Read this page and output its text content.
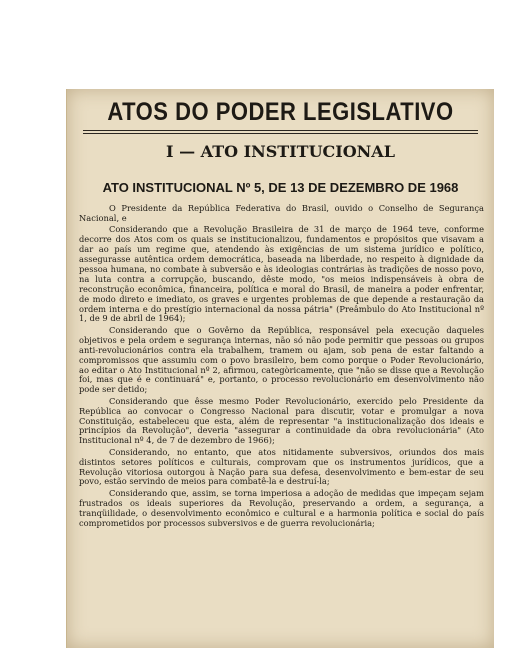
ATOS DO PODER LEGISLATIVO
I — ATO INSTITUCIONAL
ATO INSTITUCIONAL Nº 5, DE 13 DE DEZEMBRO DE 1968

O Presidente da República Federativa do Brasil, ouvido o Conselho de Segurança Nacional, e

Considerando que a Revolução Brasileira de 31 de março de 1964 teve, conforme decorre dos Atos com os quais se institucionalizou, fundamentos e propósitos que visavam a dar ao país um regime que, atendendo às exigências de um sistema jurídico e político, assegurasse autêntica ordem democrática, baseada na liberdade, no respeito à dignidade da pessoa humana, no combate à subversão e às ideologias contrárias às tradições de nosso povo, na luta contra a corrupção, buscando, dêste modo, "os meios indispensáveis à obra de reconstrução econômica, financeira, política e moral do Brasil, de maneira a poder enfrentar, de modo direto e imediato, os graves e urgentes problemas de que depende a restauração da ordem interna e do prestígio internacional da nossa pátria" (Preâmbulo do Ato Institucional nº 1, de 9 de abril de 1964);

Considerando que o Govêrno da República, responsável pela execução daqueles objetivos e pela ordem e segurança internas, não só não pode permitir que pessoas ou grupos anti-revolucionários contra ela trabalhem, tramem ou ajam, sob pena de estar faltando a compromissos que assumiu com o povo brasileiro, bem como porque o Poder Revolucionário, ao editar o Ato Institucional nº 2, afirmou, categòricamente, que "não se disse que a Revolução foi, mas que é e continuará" e, portanto, o processo revolucionário em desenvolvimento não pode ser detido;

Considerando que êsse mesmo Poder Revolucionário, exercido pelo Presidente da República ao convocar o Congresso Nacional para discutir, votar e promulgar a nova Constituição, estabeleceu que esta, além de representar "a institucionalização dos ideais e princípios da Revolução", deveria "assegurar a continuidade da obra revolucionária" (Ato Institucional nº 4, de 7 de dezembro de 1966);

Considerando, no entanto, que atos nitidamente subversivos, oriundos dos mais distintos setores políticos e culturais, comprovam que os instrumentos jurídicos, que a Revolução vitoriosa outorgou à Nação para sua defesa, desenvolvimento e bem-estar de seu povo, estão servindo de meios para combatê-la e destruí-la;

Considerando que, assim, se torna imperiosa a adoção de medidas que impeçam sejam frustrados os ideais superiores da Revolução, preservando a ordem, a segurança, a tranqüilidade, o desenvolvimento econômico e cultural e a harmonia política e social do país comprometidos por processos subversivos e de guerra revolucionária;
